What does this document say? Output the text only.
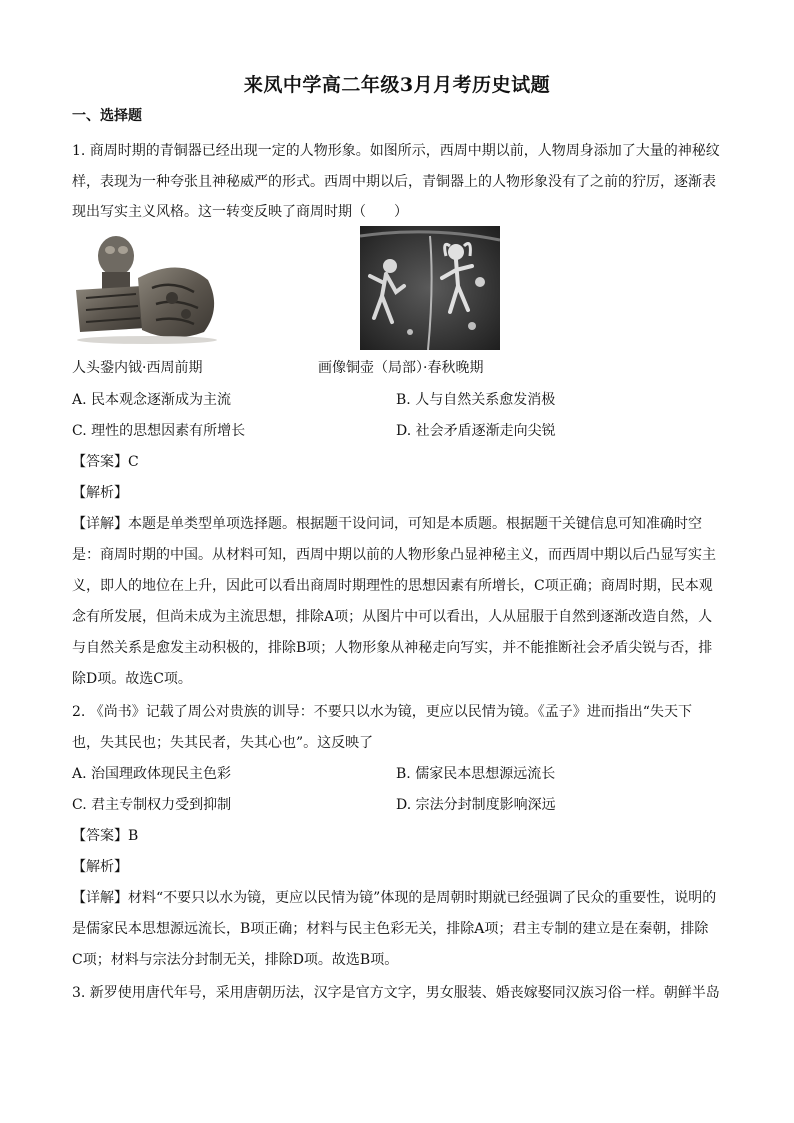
来凤中学高二年级3月月考历史试题
一、选择题
1. 商周时期的青铜器已经出现一定的人物形象。如图所示，西周中期以前，人物周身添加了大量的神秘纹
样，表现为一种夸张且神秘威严的形式。西周中期以后，青铜器上的人物形象没有了之前的狞厉，逐渐表
现出写实主义风格。这一转变反映了商周时期（　　）
人头銎内钺·西周前期	画像铜壶（局部）·春秋晚期
A. 民本观念逐渐成为主流	B. 人与自然关系愈发消极
C. 理性的思想因素有所增长	D. 社会矛盾逐渐走向尖锐
【答案】C
【解析】
【详解】本题是单类型单项选择题。根据题干设问词，可知是本质题。根据题干关键信息可知准确时空
是：商周时期的中国。从材料可知，西周中期以前的人物形象凸显神秘主义，而西周中期以后凸显写实主
义，即人的地位在上升，因此可以看出商周时期理性的思想因素有所增长，C项正确；商周时期，民本观
念有所发展，但尚未成为主流思想，排除A项；从图片中可以看出，人从屈服于自然到逐渐改造自然，人
与自然关系是愈发主动积极的，排除B项；人物形象从神秘走向写实，并不能推断社会矛盾尖锐与否，排
除D项。故选C项。
2. 《尚书》记载了周公对贵族的训导：不要只以水为镜，更应以民情为镜。《孟子》进而指出“失天下
也，失其民也；失其民者，失其心也”。这反映了
A. 治国理政体现民主色彩	B. 儒家民本思想源远流长
C. 君主专制权力受到抑制	D. 宗法分封制度影响深远
【答案】B
【解析】
【详解】材料“不要只以水为镜，更应以民情为镜”体现的是周朝时期就已经强调了民众的重要性，说明的
是儒家民本思想源远流长，B项正确；材料与民主色彩无关，排除A项；君主专制的建立是在秦朝，排除
C项；材料与宗法分封制无关，排除D项。故选B项。
3. 新罗使用唐代年号，采用唐朝历法，汉字是官方文字，男女服装、婚丧嫁娶同汉族习俗一样。朝鲜半岛
